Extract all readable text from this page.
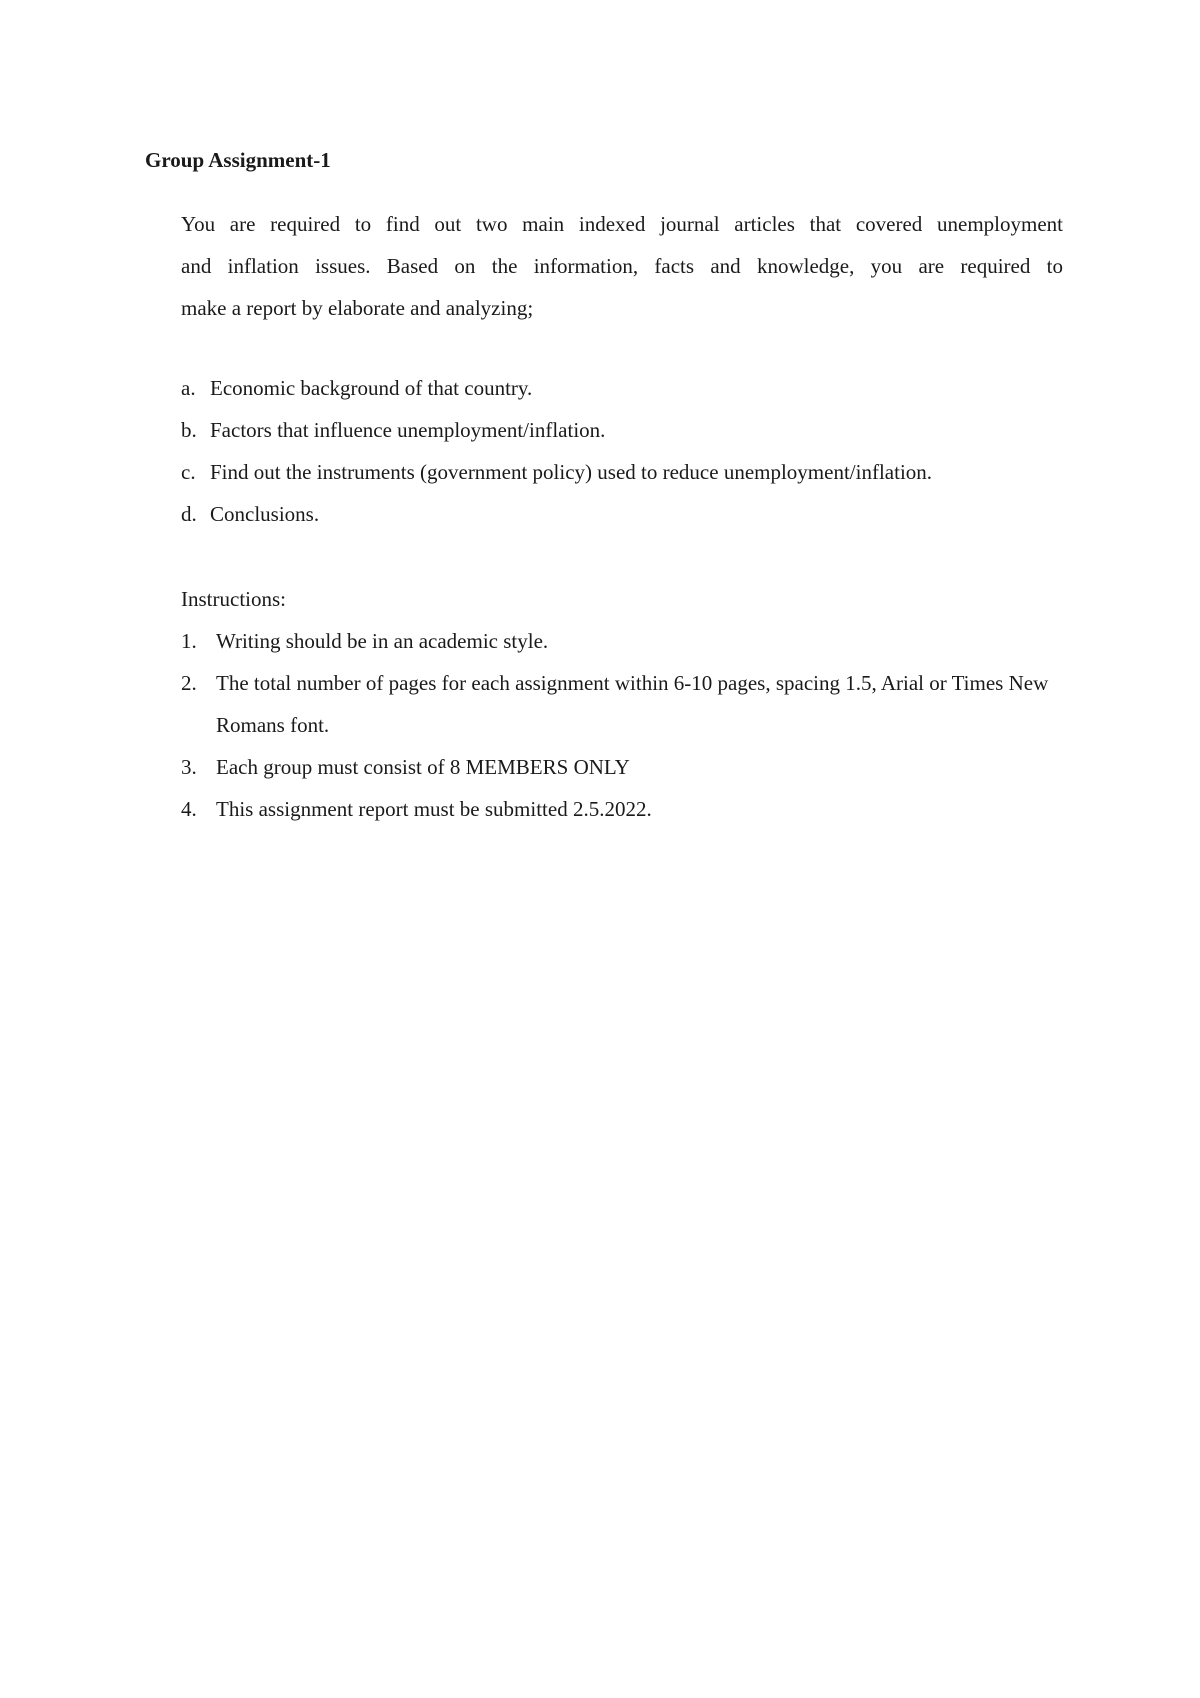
Group Assignment-1

You are required to find out two main indexed journal articles that covered unemployment
and inflation issues. Based on the information, facts and knowledge, you are required to
make a report by elaborate and analyzing;

a. Economic background of that country.
b. Factors that influence unemployment/inflation.
c. Find out the instruments (government policy) used to reduce unemployment/inflation.
d. Conclusions.

Instructions:

1. Writing should be in an academic style.
2. The total number of pages for each assignment within 6-10 pages, spacing 1.5, Arial or Times New Romans font.
3. Each group must consist of 8 MEMBERS ONLY
4. This assignment report must be submitted 2.5.2022.
